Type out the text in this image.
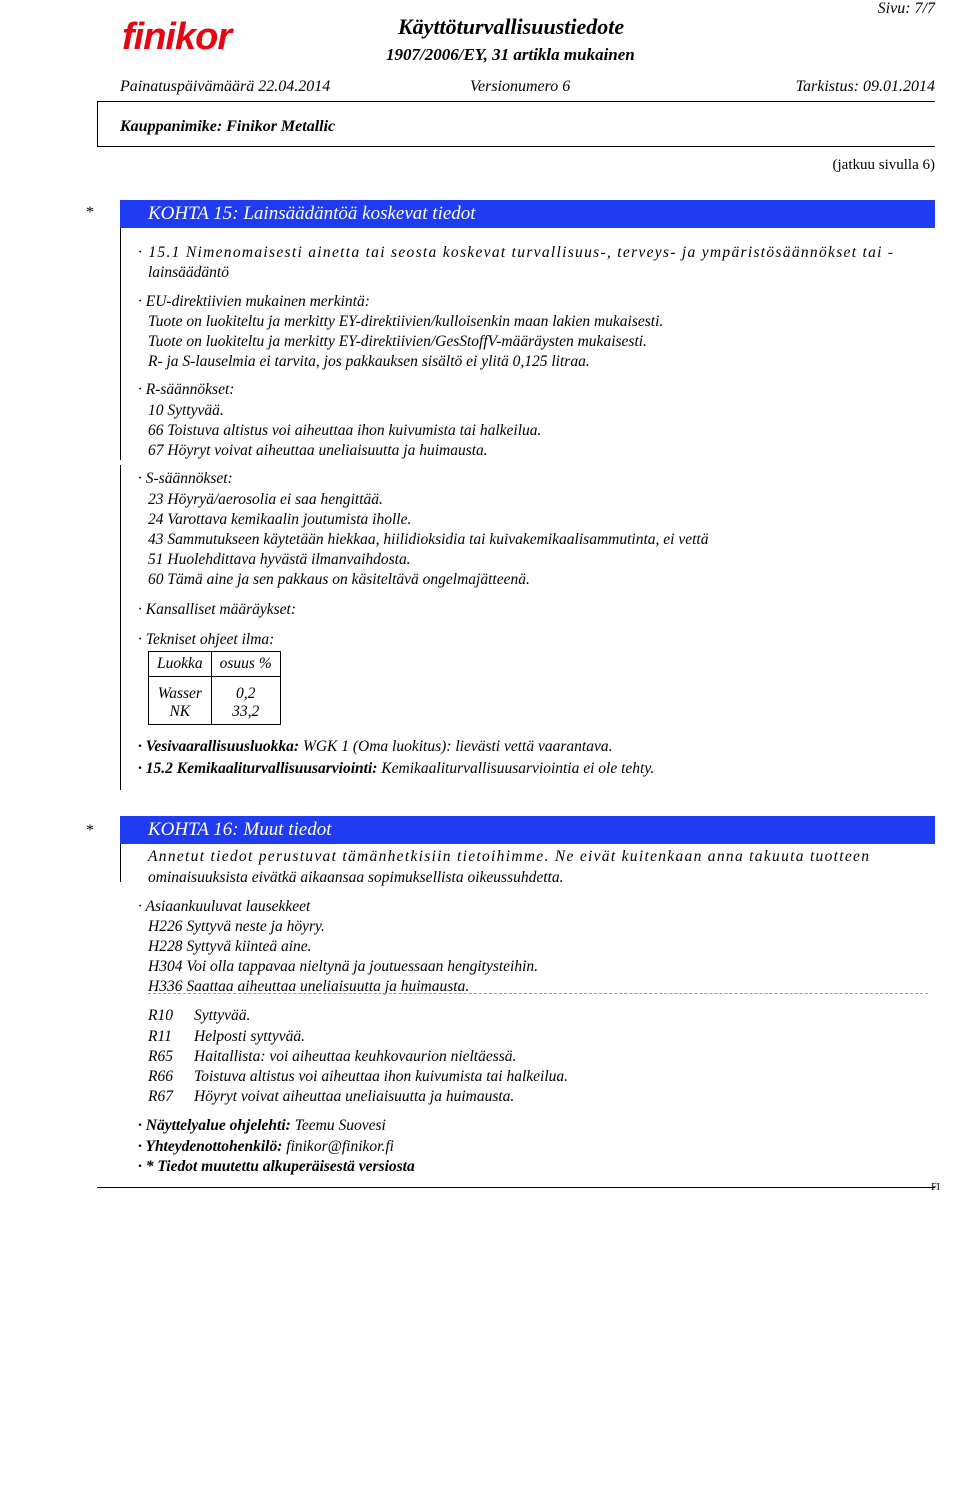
finikor	Käyttöturvallisuustiedote
1907/2006/EY, 31 artikla mukainen
Sivu: 7/7
Painatuspäivämäärä 22.04.2014	Versionumero 6	Tarkistus: 09.01.2014
Kauppanimike: Finikor Metallic
(jatkuu sivulla 6)
*	KOHTA 15: Lainsäädäntöä koskevat tiedot
· 15.1 Nimenomaisesti ainetta tai seosta koskevat turvallisuus-, terveys- ja ympäristösäännökset tai -
lainsäädäntö
· EU-direktiivien mukainen merkintä:
Tuote on luokiteltu ja merkitty EY-direktiivien/kulloisenkin maan lakien mukaisesti.
Tuote on luokiteltu ja merkitty EY-direktiivien/GesStoffV-määräysten mukaisesti.
R- ja S-lauselmia ei tarvita, jos pakkauksen sisältö ei ylitä 0,125 litraa.
· R-säännökset:
10 Syttyvää.
66 Toistuva altistus voi aiheuttaa ihon kuivumista tai halkeilua.
67 Höyryt voivat aiheuttaa uneliaisuutta ja huimausta.
· S-säännökset:
23 Höyryä/aerosolia ei saa hengittää.
24 Varottava kemikaalin joutumista iholle.
43 Sammutukseen käytetään hiekkaa, hiilidioksidia tai kuivakemikaalisammutinta, ei vettä
51 Huolehdittava hyvästä ilmanvaihdosta.
60 Tämä aine ja sen pakkaus on käsiteltävä ongelmajätteenä.
· Kansalliset määräykset:
· Tekniset ohjeet ilma:
Luokka	osuus %
Wasser	0,2
NK	33,2
· Vesivaarallisuusluokka: WGK 1 (Oma luokitus): lievästi vettä vaarantava.
· 15.2 Kemikaaliturvallisuusarviointi: Kemikaaliturvallisuusarviointia ei ole tehty.
*	KOHTA 16: Muut tiedot
Annetut tiedot perustuvat tämänhetkisiin tietoihimme. Ne eivät kuitenkaan anna takuuta tuotteen
ominaisuuksista eivätkä aikaansaa sopimuksellista oikeussuhdetta.
· Asiaankuuluvat lausekkeet
H226 Syttyvä neste ja höyry.
H228 Syttyvä kiinteä aine.
H304 Voi olla tappavaa nieltynä ja joutuessaan hengitysteihin.
H336 Saattaa aiheuttaa uneliaisuutta ja huimausta.
R10 Syttyvää.
R11 Helposti syttyvää.
R65 Haitallista: voi aiheuttaa keuhkovaurion nieltäessä.
R66 Toistuva altistus voi aiheuttaa ihon kuivumista tai halkeilua.
R67 Höyryt voivat aiheuttaa uneliaisuutta ja huimausta.
· Näyttelyalue ohjelehti: Teemu Suovesi
· Yhteydenottohenkilö: finikor@finikor.fi
· * Tiedot muutettu alkuperäisestä versiosta
FI
